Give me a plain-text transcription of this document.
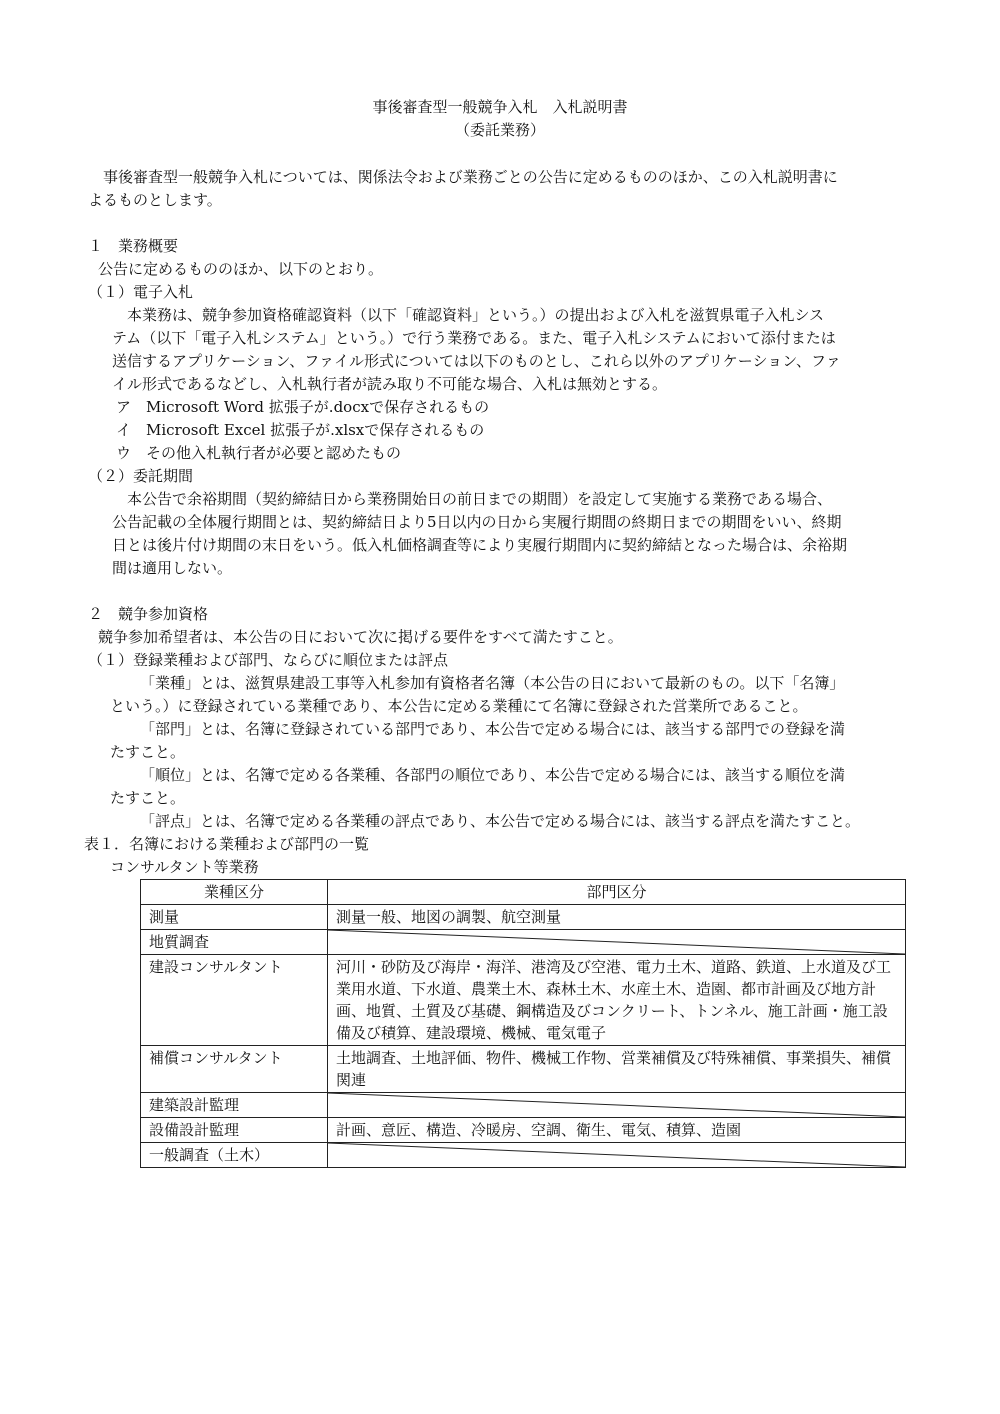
事後審査型一般競争入札　入札説明書
（委託業務）

事後審査型一般競争入札については、関係法令および業務ごとの公告に定めるもののほか、この入札説明書に

よるものとします。

１　業務概要

公告に定めるもののほか、以下のとおり。

（１）電子入札

本業務は、競争参加資格確認資料（以下「確認資料」という。）の提出および入札を滋賀県電子入札シス

テム（以下「電子入札システム」という。）で行う業務である。また、電子入札システムにおいて添付または

送信するアプリケーション、ファイル形式については以下のものとし、これら以外のアプリケーション、ファ

イル形式であるなどし、入札執行者が読み取り不可能な場合、入札は無効とする。

ア　Microsoft Word 拡張子が.docxで保存されるもの

イ　Microsoft Excel 拡張子が.xlsxで保存されるもの

ウ　その他入札執行者が必要と認めたもの

（２）委託期間

本公告で余裕期間（契約締結日から業務開始日の前日までの期間）を設定して実施する業務である場合、

公告記載の全体履行期間とは、契約締結日より5日以内の日から実履行期間の終期日までの期間をいい、終期

日とは後片付け期間の末日をいう。低入札価格調査等により実履行期間内に契約締結となった場合は、余裕期

間は適用しない。

２　競争参加資格

競争参加希望者は、本公告の日において次に掲げる要件をすべて満たすこと。

（１）登録業種および部門、ならびに順位または評点

「業種」とは、滋賀県建設工事等入札参加有資格者名簿（本公告の日において最新のもの。以下「名簿」

という。）に登録されている業種であり、本公告に定める業種にて名簿に登録された営業所であること。

「部門」とは、名簿に登録されている部門であり、本公告で定める場合には、該当する部門での登録を満

たすこと。

「順位」とは、名簿で定める各業種、各部門の順位であり、本公告で定める場合には、該当する順位を満

たすこと。

「評点」とは、名簿で定める各業種の評点であり、本公告で定める場合には、該当する評点を満たすこと。

表１．名簿における業種および部門の一覧

コンサルタント等業務

業種区分	部門区分
測量	測量一般、地図の調製、航空測量
地質調査	

建設コンサルタント	河川・砂防及び海岸・海洋、港湾及び空港、電力土木、道路、鉄道、上水道及び工業用水道、下水道、農業土木、森林土木、水産土木、造園、都市計画及び地方計画、地質、土質及び基礎、鋼構造及びコンクリート、トンネル、施工計画・施工設備及び積算、建設環境、機械、電気電子
補償コンサルタント	土地調査、土地評価、物件、機械工作物、営業補償及び特殊補償、事業損失、補償関連
建築設計監理	

設備設計監理	計画、意匠、構造、冷暖房、空調、衛生、電気、積算、造園
一般調査（土木）	
